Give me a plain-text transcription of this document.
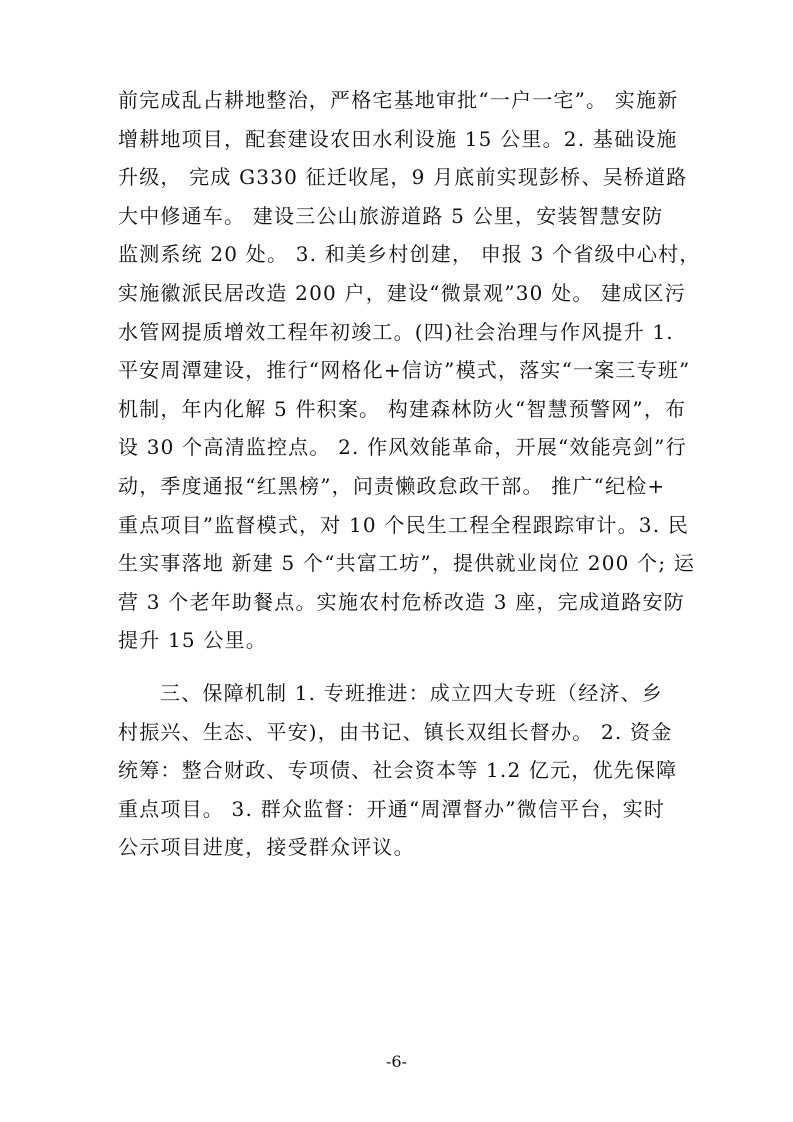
前完成乱占耕地整治，严格宅基地审批“一户一宅”。 实施新
增耕地项目，配套建设农田水利设施 15 公里。2. 基础设施
升级， 完成 G330 征迁收尾，9 月底前实现彭桥、吴桥道路
大中修通车。 建设三公山旅游道路 5 公里，安装智慧安防
监测系统 20 处。 3. 和美乡村创建， 申报 3 个省级中心村，
实施徽派民居改造 200 户，建设“微景观”30 处。 建成区污
水管网提质增效工程年初竣工。(四)社会治理与作风提升 1.
平安周潭建设，推行“网格化+信访”模式，落实“一案三专班”
机制，年内化解 5 件积案。 构建森林防火“智慧预警网”，布
设 30 个高清监控点。 2. 作风效能革命，开展“效能亮剑”行
动，季度通报“红黑榜”，问责懒政怠政干部。 推广“纪检+
重点项目”监督模式，对 10 个民生工程全程跟踪审计。3. 民
生实事落地 新建 5 个“共富工坊”，提供就业岗位 200 个; 运
营 3 个老年助餐点。实施农村危桥改造 3 座，完成道路安防
提升 15 公里。
三、保障机制 1. 专班推进：成立四大专班（经济、乡
村振兴、生态、平安)，由书记、镇长双组长督办。 2. 资金
统筹：整合财政、专项债、社会资本等 1.2 亿元，优先保障
重点项目。 3. 群众监督：开通“周潭督办”微信平台，实时
公示项目进度，接受群众评议。
-6-
